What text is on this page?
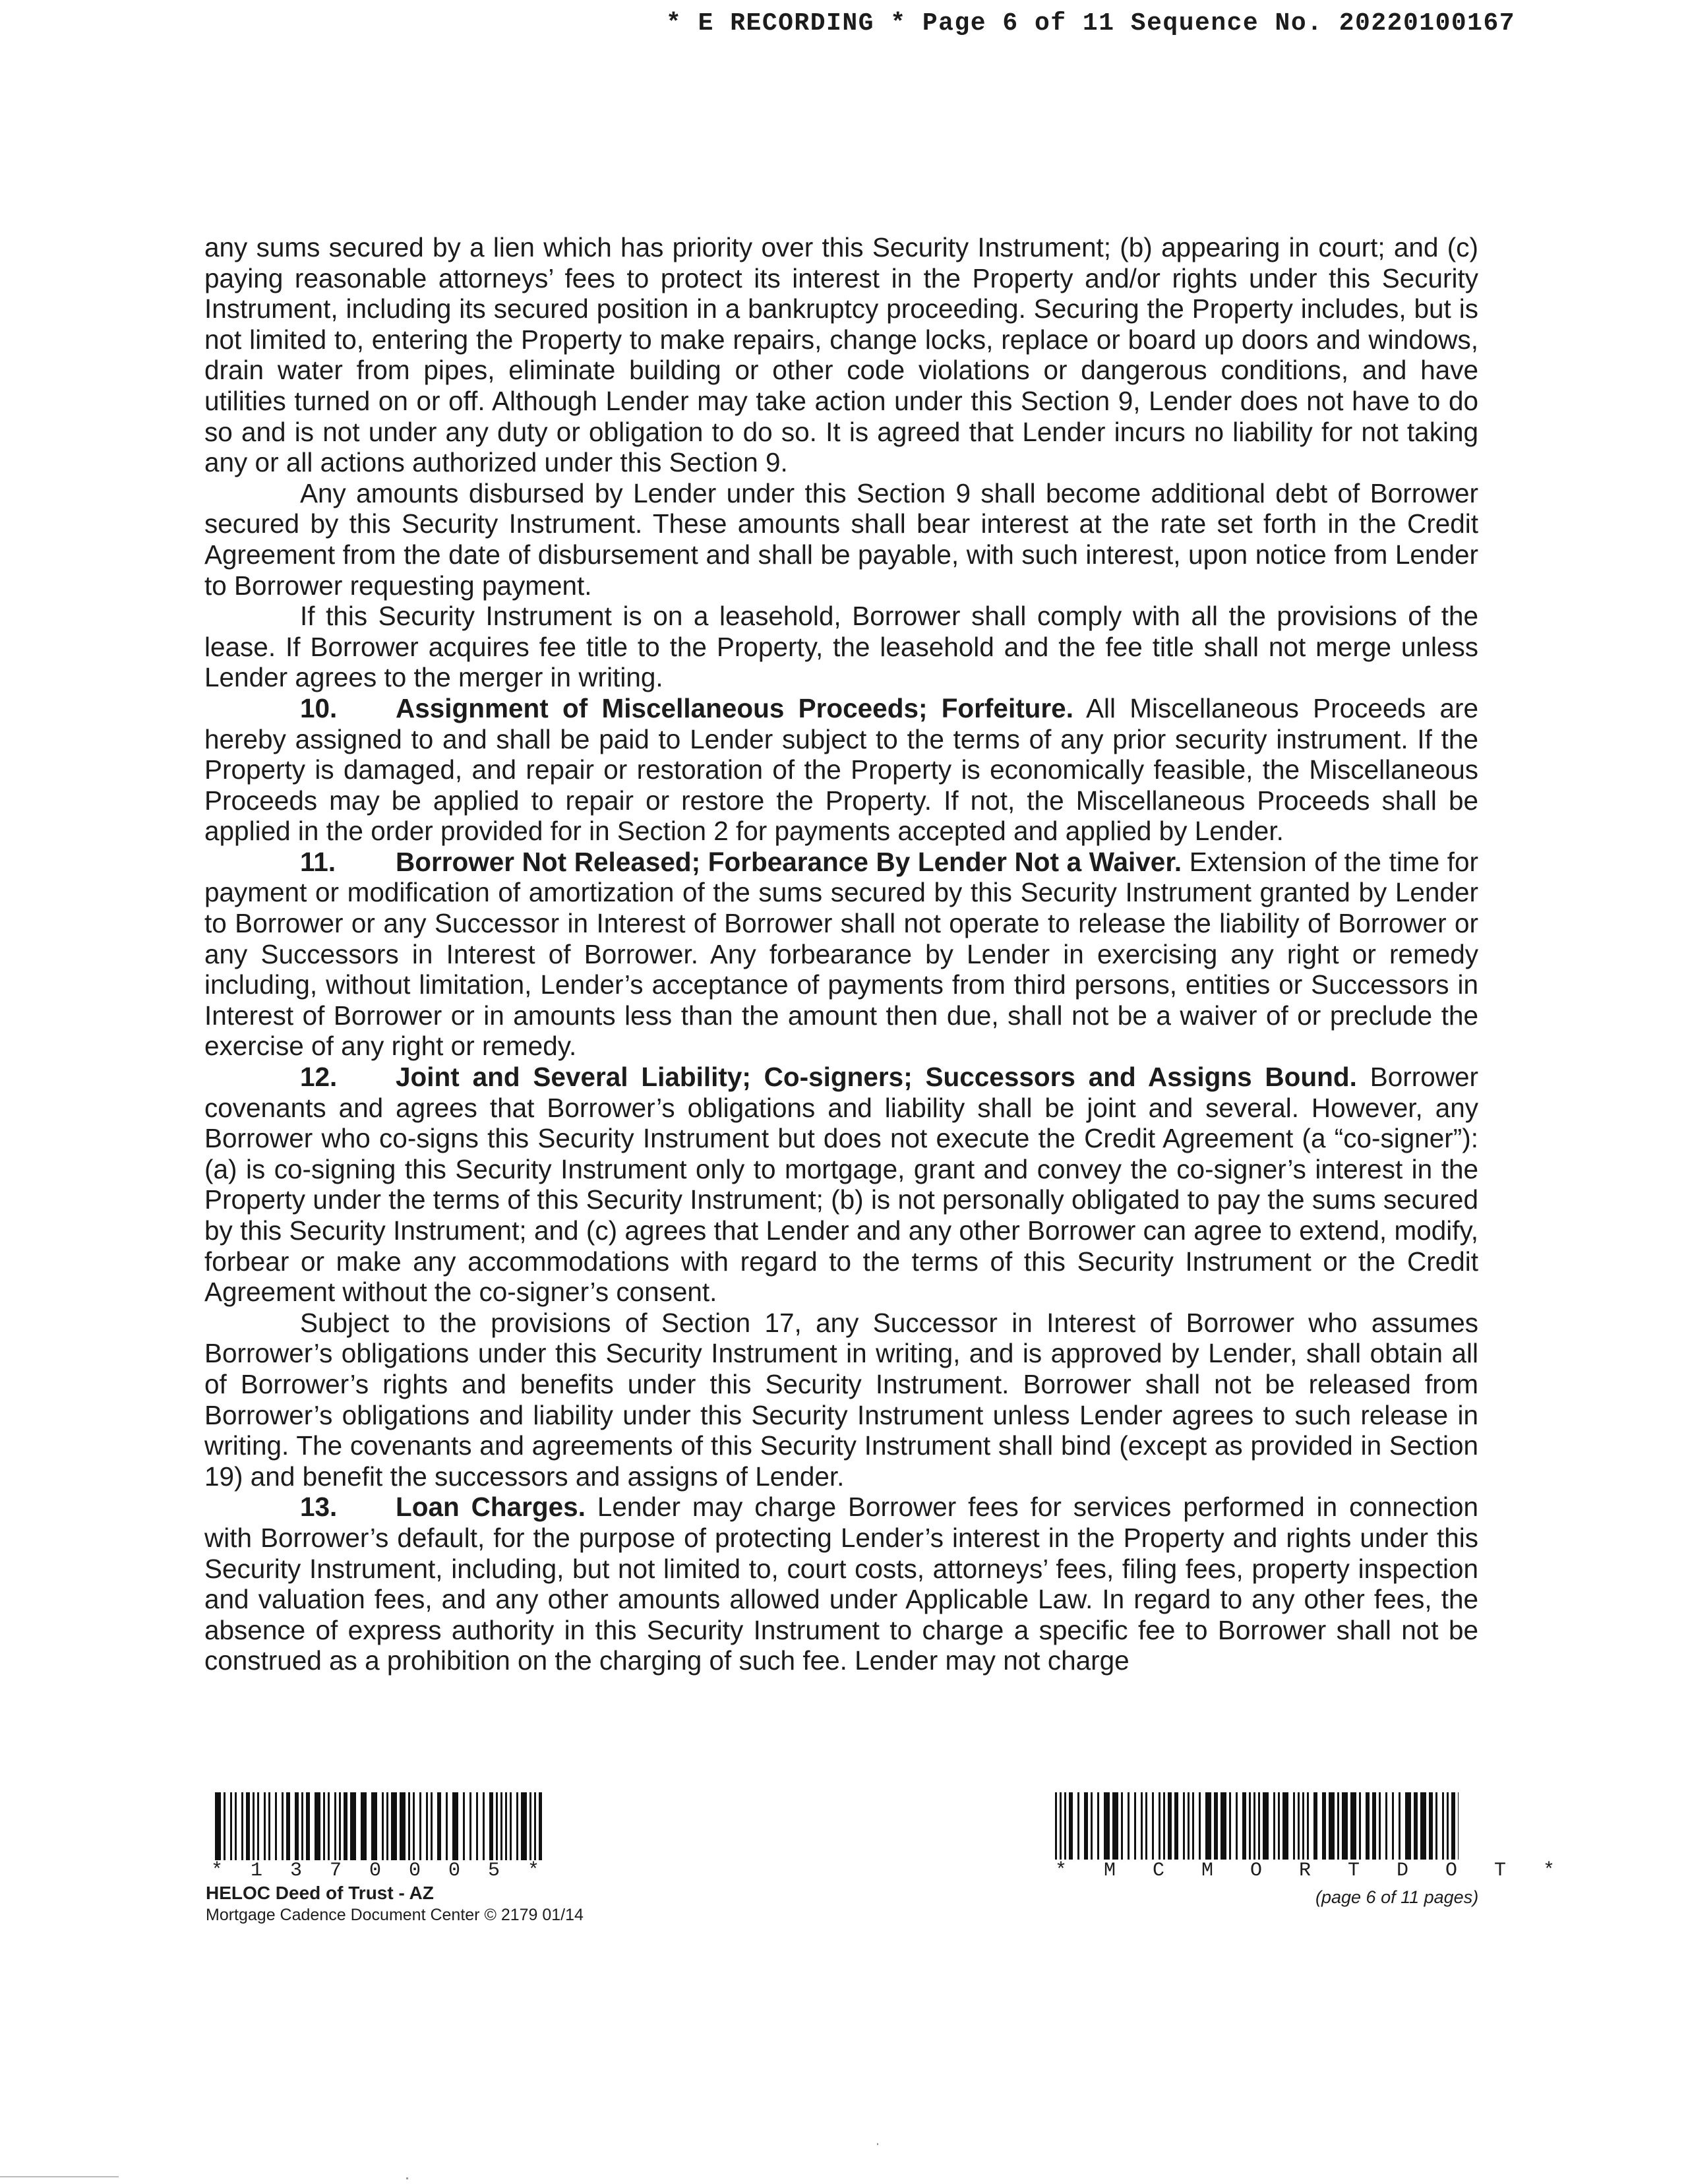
* E RECORDING * Page 6 of 11 Sequence No. 20220100167

any sums secured by a lien which has priority over this Security Instrument; (b) appearing in court; and (c) paying reasonable attorneys’ fees to protect its interest in the Property and/or rights under this Security Instrument, including its secured position in a bankruptcy proceeding. Securing the Property includes, but is not limited to, entering the Property to make repairs, change locks, replace or board up doors and windows, drain water from pipes, eliminate building or other code violations or dangerous conditions, and have utilities turned on or off. Although Lender may take action under this Section 9, Lender does not have to do so and is not under any duty or obligation to do so. It is agreed that Lender incurs no liability for not taking any or all actions authorized under this Section 9.

Any amounts disbursed by Lender under this Section 9 shall become additional debt of Borrower secured by this Security Instrument. These amounts shall bear interest at the rate set forth in the Credit Agreement from the date of disbursement and shall be payable, with such interest, upon notice from Lender to Borrower requesting payment.

If this Security Instrument is on a leasehold, Borrower shall comply with all the provisions of the lease. If Borrower acquires fee title to the Property, the leasehold and the fee title shall not merge unless Lender agrees to the merger in writing.

10. Assignment of Miscellaneous Proceeds; Forfeiture. All Miscellaneous Proceeds are hereby assigned to and shall be paid to Lender subject to the terms of any prior security instrument. If the Property is damaged, and repair or restoration of the Property is economically feasible, the Miscellaneous Proceeds may be applied to repair or restore the Property. If not, the Miscellaneous Proceeds shall be applied in the order provided for in Section 2 for payments accepted and applied by Lender.

11. Borrower Not Released; Forbearance By Lender Not a Waiver. Extension of the time for payment or modification of amortization of the sums secured by this Security Instrument granted by Lender to Borrower or any Successor in Interest of Borrower shall not operate to release the liability of Borrower or any Successors in Interest of Borrower. Any forbearance by Lender in exercising any right or remedy including, without limitation, Lender’s acceptance of payments from third persons, entities or Successors in Interest of Borrower or in amounts less than the amount then due, shall not be a waiver of or preclude the exercise of any right or remedy.

12. Joint and Several Liability; Co-signers; Successors and Assigns Bound. Borrower covenants and agrees that Borrower’s obligations and liability shall be joint and several. However, any Borrower who co-signs this Security Instrument but does not execute the Credit Agreement (a “co-signer”): (a) is co-signing this Security Instrument only to mortgage, grant and convey the co-signer’s interest in the Property under the terms of this Security Instrument; (b) is not personally obligated to pay the sums secured by this Security Instrument; and (c) agrees that Lender and any other Borrower can agree to extend, modify, forbear or make any accommodations with regard to the terms of this Security Instrument or the Credit Agreement without the co-signer’s consent.

Subject to the provisions of Section 17, any Successor in Interest of Borrower who assumes Borrower’s obligations under this Security Instrument in writing, and is approved by Lender, shall obtain all of Borrower’s rights and benefits under this Security Instrument. Borrower shall not be released from Borrower’s obligations and liability under this Security Instrument unless Lender agrees to such release in writing. The covenants and agreements of this Security Instrument shall bind (except as provided in Section 19) and benefit the successors and assigns of Lender.

13. Loan Charges. Lender may charge Borrower fees for services performed in connection with Borrower’s default, for the purpose of protecting Lender’s interest in the Property and rights under this Security Instrument, including, but not limited to, court costs, attorneys’ fees, filing fees, property inspection and valuation fees, and any other amounts allowed under Applicable Law. In regard to any other fees, the absence of express authority in this Security Instrument to charge a specific fee to Borrower shall not be construed as a prohibition on the charging of such fee. Lender may not charge

* 1 3 7 0 0 0 5 *	* M C M O R T D O T *
HELOC Deed of Trust - AZ
Mortgage Cadence Document Center © 2179 01/14
(page 6 of 11 pages)
